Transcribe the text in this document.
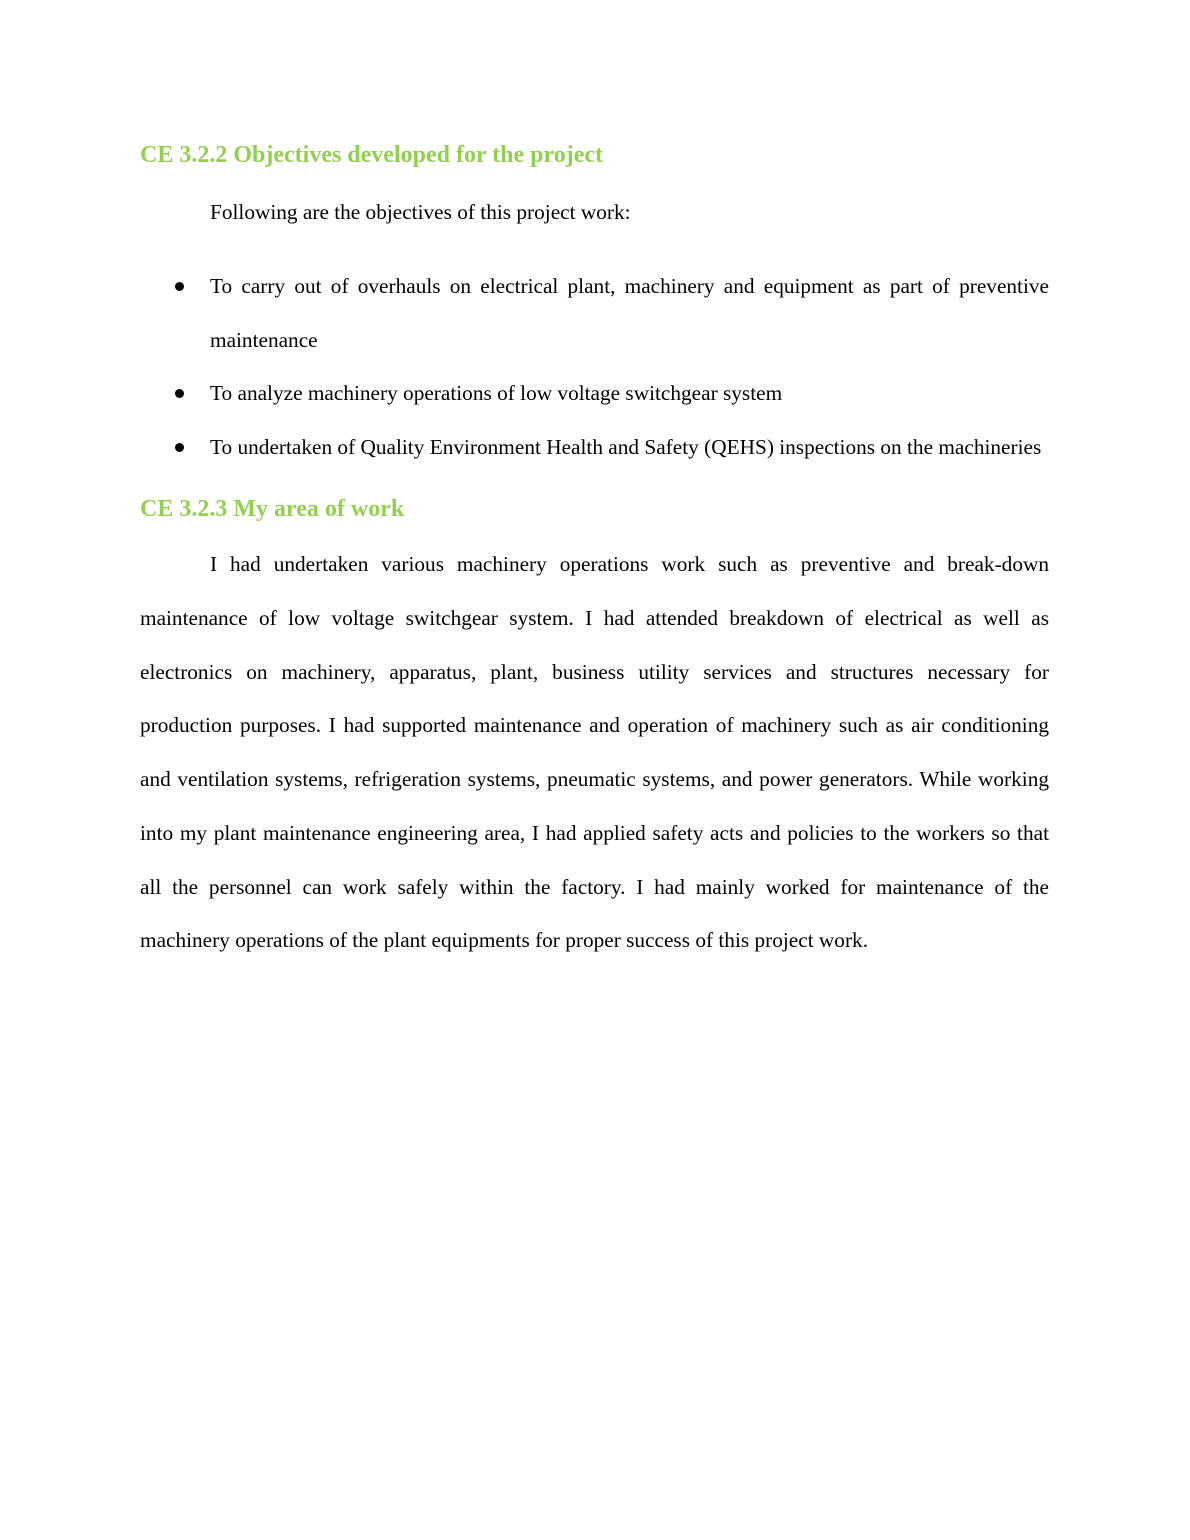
CE 3.2.2 Objectives developed for the project

Following are the objectives of this project work:

To carry out of overhauls on electrical plant, machinery and equipment as part of preventive maintenance
To analyze machinery operations of low voltage switchgear system
To undertaken of Quality Environment Health and Safety (QEHS) inspections on the machineries
CE 3.2.3 My area of work

I had undertaken various machinery operations work such as preventive and break-down maintenance of low voltage switchgear system. I had attended breakdown of electrical as well as electronics on machinery, apparatus, plant, business utility services and structures necessary for production purposes. I had supported maintenance and operation of machinery such as air conditioning and ventilation systems, refrigeration systems, pneumatic systems, and power generators. While working into my plant maintenance engineering area, I had applied safety acts and policies to the workers so that all the personnel can work safely within the factory. I had mainly worked for maintenance of the machinery operations of the plant equipments for proper success of this project work.
